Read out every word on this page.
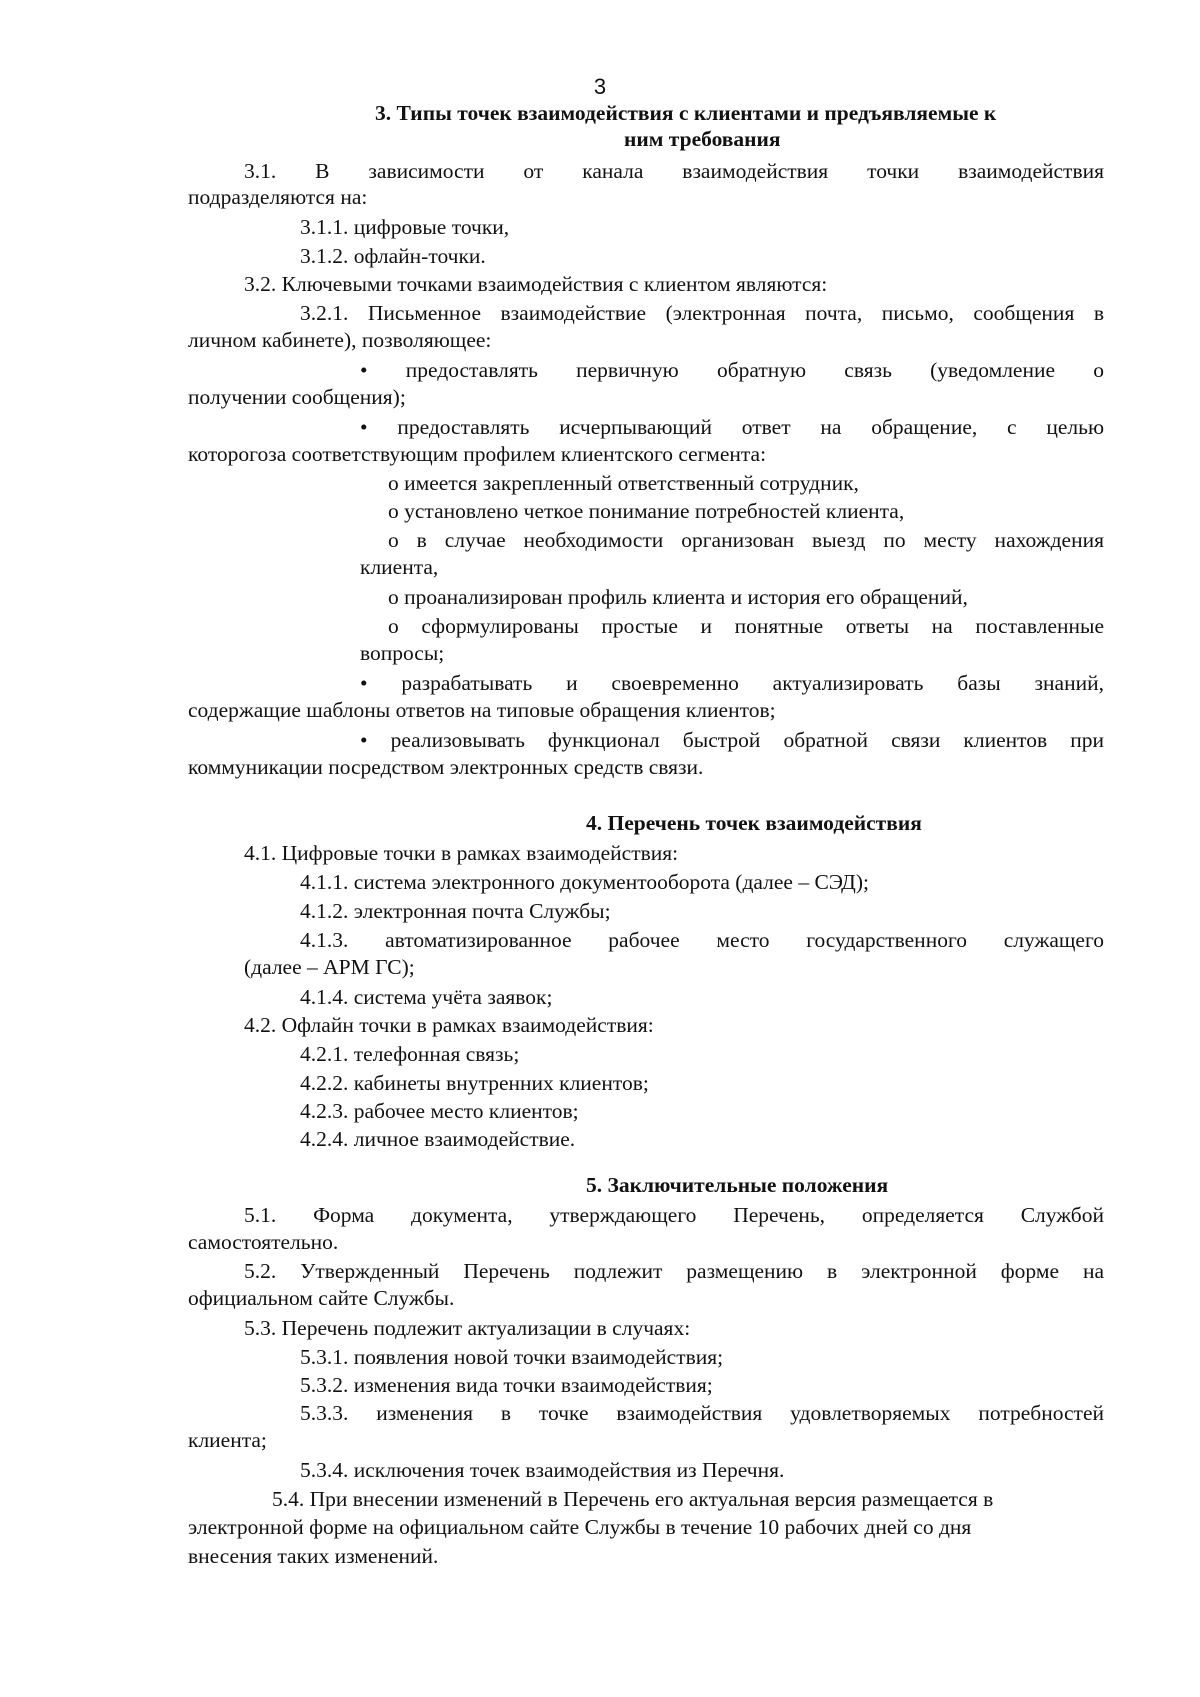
3
3. Типы точек взаимодействия с клиентами и предъявляемые к
ним требования
3.1. В зависимости от канала взаимодействия точки взаимодействия
подразделяются на:
3.1.1. цифровые точки,
3.1.2. офлайн-точки.
3.2. Ключевыми точками взаимодействия с клиентом являются:
3.2.1. Письменное взаимодействие (электронная почта, письмо, сообщения в
личном кабинете), позволяющее:
• предоставлять первичную обратную связь (уведомление о
получении сообщения);
• предоставлять исчерпывающий ответ на обращение, с целью
которогоза соответствующим профилем клиентского сегмента:
o имеется закрепленный ответственный сотрудник,
o установлено четкое понимание потребностей клиента,
o в случае необходимости организован выезд по месту нахождения
клиента,
o проанализирован профиль клиента и история его обращений,
o сформулированы простые и понятные ответы на поставленные
вопросы;
• разрабатывать и своевременно актуализировать базы знаний,
содержащие шаблоны ответов на типовые обращения клиентов;
• реализовывать функционал быстрой обратной связи клиентов при
коммуникации посредством электронных средств связи.
4. Перечень точек взаимодействия
4.1. Цифровые точки в рамках взаимодействия:
4.1.1. система электронного документооборота (далее – СЭД);
4.1.2. электронная почта Службы;
4.1.3. автоматизированное рабочее место государственного служащего
(далее – АРМ ГС);
4.1.4. система учёта заявок;
4.2. Офлайн точки в рамках взаимодействия:
4.2.1. телефонная связь;
4.2.2. кабинеты внутренних клиентов;
4.2.3. рабочее место клиентов;
4.2.4. личное взаимодействие.
5. Заключительные положения
5.1. Форма документа, утверждающего Перечень, определяется Службой
самостоятельно.
5.2. Утвержденный Перечень подлежит размещению в электронной форме на
официальном сайте Службы.
5.3. Перечень подлежит актуализации в случаях:
5.3.1. появления новой точки взаимодействия;
5.3.2. изменения вида точки взаимодействия;
5.3.3. изменения в точке взаимодействия удовлетворяемых потребностей
клиента;
5.3.4. исключения точек взаимодействия из Перечня.
5.4. При внесении изменений в Перечень его актуальная версия размещается в
электронной форме на официальном сайте Службы в течение 10 рабочих дней со дня
внесения таких изменений.
